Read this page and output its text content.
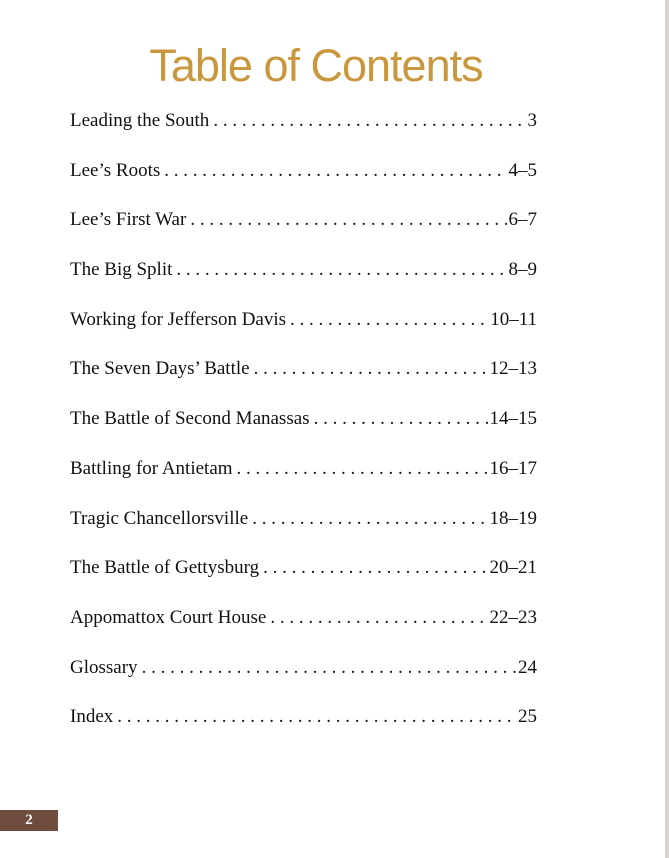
Table of Contents
Leading the South . . .	3
Lee’s Roots . . .	4–5
Lee’s First War . . .	6–7
The Big Split . . .	8–9
Working for Jefferson Davis . . .	10–11
The Seven Days’ Battle . . .	12–13
The Battle of Second Manassas . . .	14–15
Battling for Antietam . . .	16–17
Tragic Chancellorsville . . .	18–19
The Battle of Gettysburg . . .	20–21
Appomattox Court House . . .	22–23
Glossary . . .	24
Index . . .	25
2
